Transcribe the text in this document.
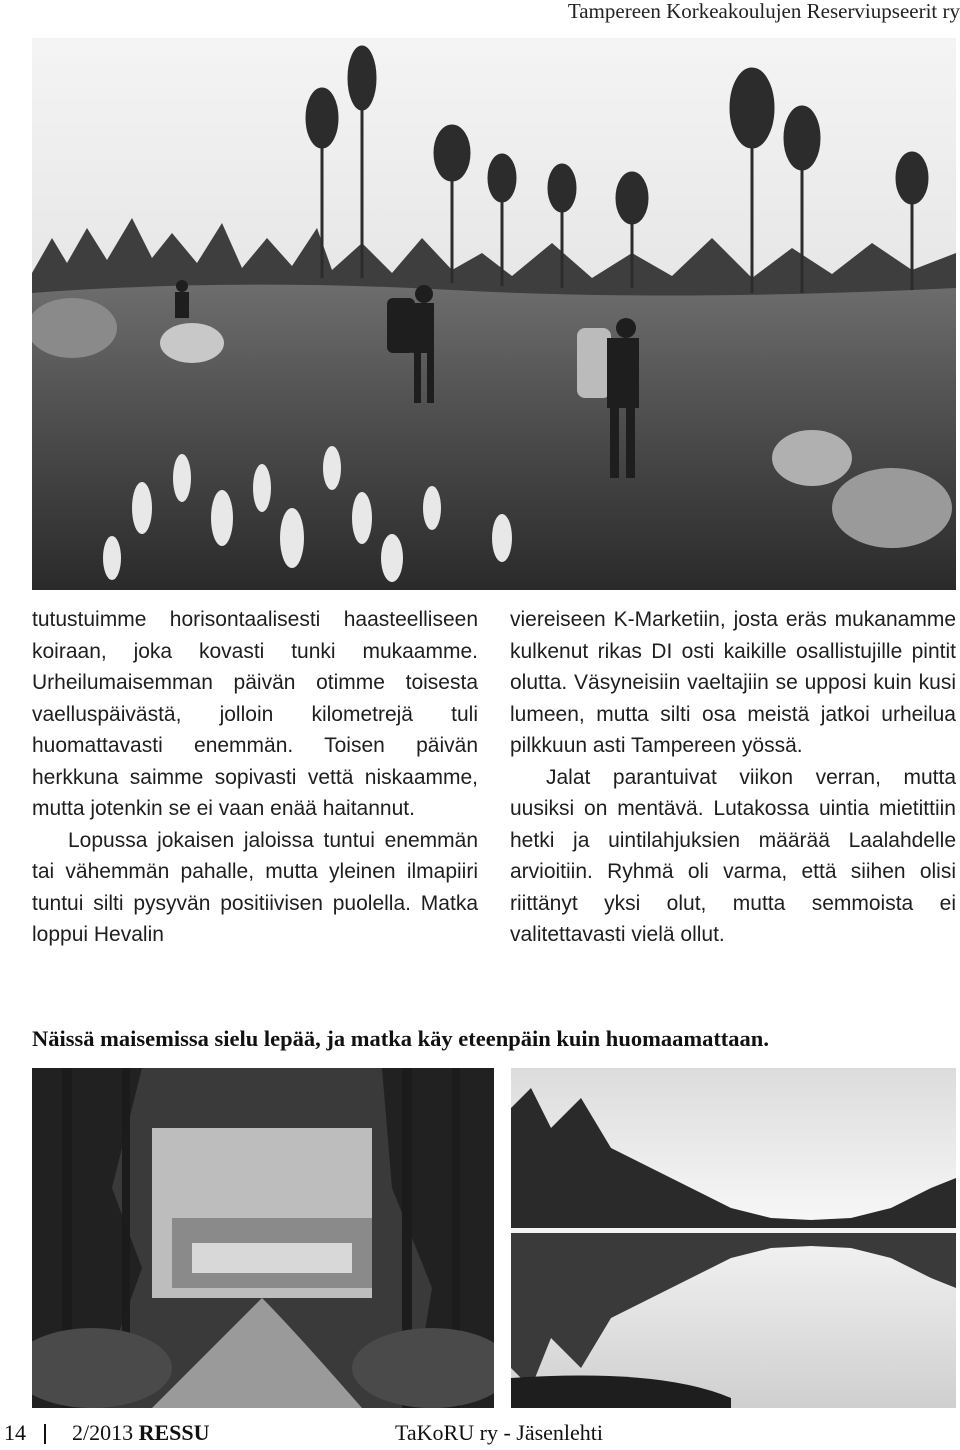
Tampereen Korkeakoulujen Reserviupseerit ry

tutustuimme horisontaalisesti haasteelliseen koiraan, joka kovasti tunki mukaamme. Urheilumaisemman päivän otimme toisesta vaelluspäivästä, jolloin kilometrejä tuli huomattavasti enemmän. Toisen päivän herkkuna saimme sopivasti vettä niskaamme, mutta jotenkin se ei vaan enää haitannut.

Lopussa jokaisen jaloissa tuntui enemmän tai vähemmän pahalle, mutta yleinen ilmapiiri tuntui silti pysyvän positiivisen puolella. Matka loppui Hevalin

viereiseen K-Marketiin, josta eräs mukanamme kulkenut rikas DI osti kaikille osallistujille pintit olutta. Väsyneisiin vaeltajiin se upposi kuin kusi lumeen, mutta silti osa meistä jatkoi urheilua pilkkuun asti Tampereen yössä.

Jalat parantuivat viikon verran, mutta uusiksi on mentävä. Lutakossa uintia mietittiin hetki ja uintilahjuksien määrää Laalahdelle arvioitiin. Ryhmä oli varma, että siihen olisi riittänyt yksi olut, mutta semmoista ei valitettavasti vielä ollut.

Näissä maisemissa sielu lepää, ja matka käy eteenpäin kuin huomaamattaan.
14 2/2013 RESSU	TaKoRU ry - Jäsenlehti
